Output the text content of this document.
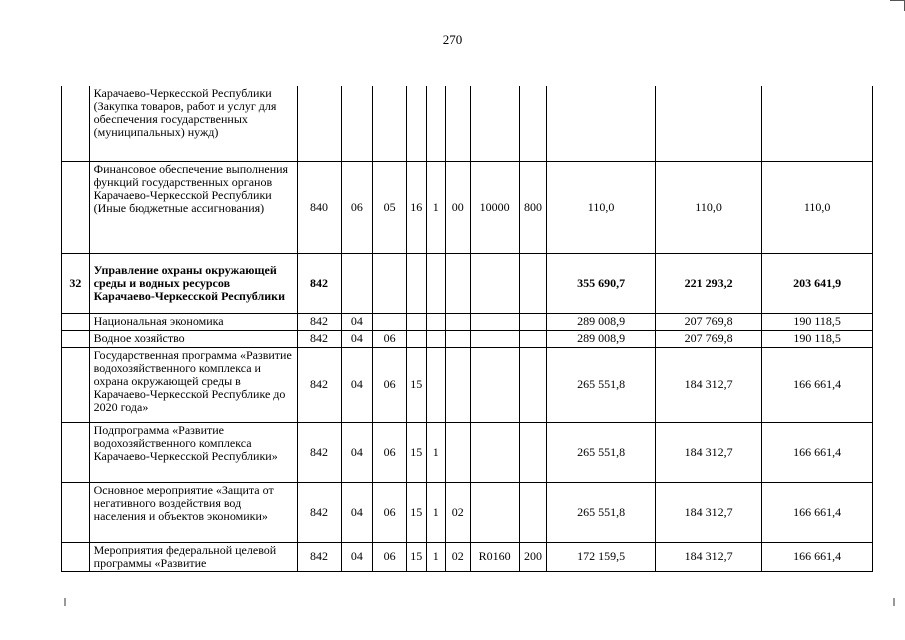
270
	Карачаево-Черкесской Республики (Закупка товаров, работ и услуг для обеспечения государственных (муниципальных) нужд)											
	Финансовое обеспечение выполнения функций государственных органов Карачаево-Черкесской Республики (Иные бюджетные ассигнования)	840	06	05	16	1	00	10000	800	110,0	110,0	110,0
32	Управление охраны окружающей среды и водных ресурсов Карачаево-Черкесской Республики	842								355 690,7	221 293,2	203 641,9
	Национальная экономика	842	04							289 008,9	207 769,8	190 118,5
	Водное хозяйство	842	04	06						289 008,9	207 769,8	190 118,5
	Государственная программа «Развитие водохозяйственного комплекса и охрана окружающей среды в Карачаево-Черкесской Республике до 2020 года»	842	04	06	15					265 551,8	184 312,7	166 661,4
	Подпрограмма «Развитие водохозяйственного комплекса Карачаево-Черкесской Республики»	842	04	06	15	1				265 551,8	184 312,7	166 661,4
	Основное мероприятие «Защита от негативного воздействия вод населения и объектов экономики»	842	04	06	15	1	02			265 551,8	184 312,7	166 661,4
	Мероприятия федеральной целевой программы «Развитие	842	04	06	15	1	02	R0160	200	172 159,5	184 312,7	166 661,4
